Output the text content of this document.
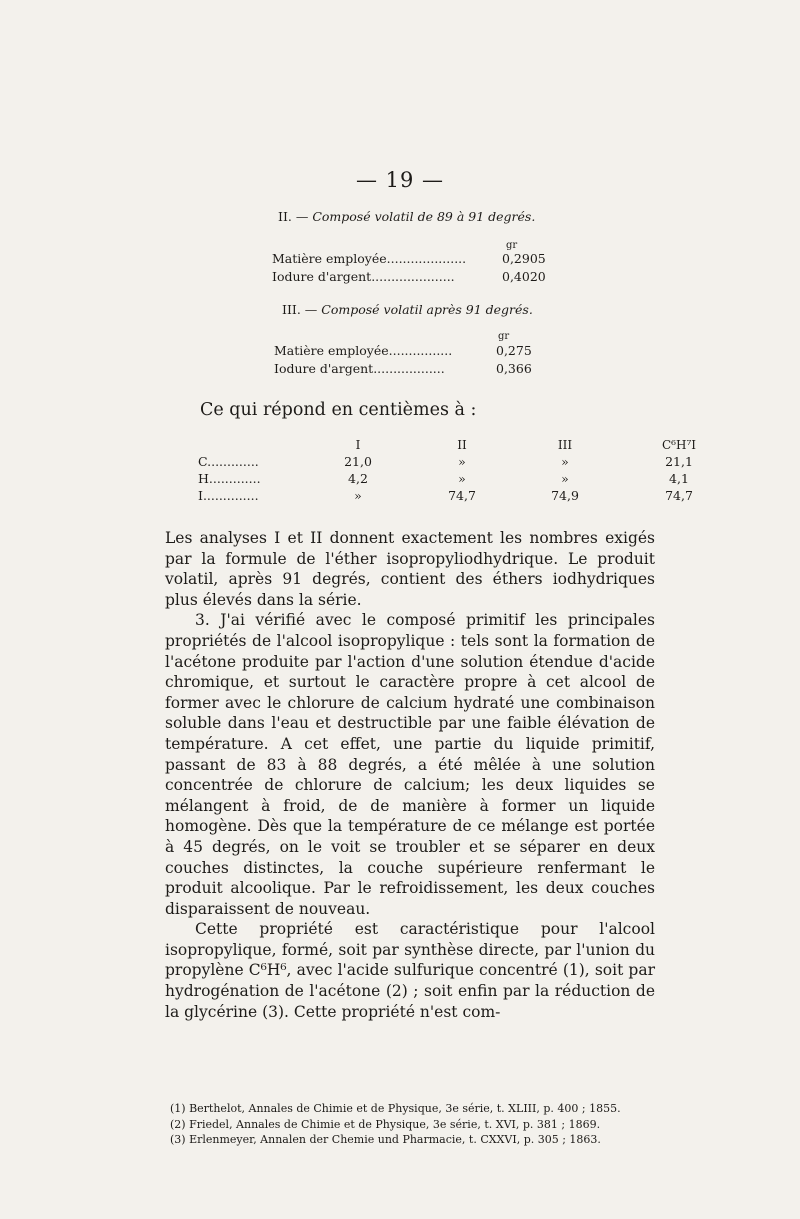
— 19 —
II. — Composé volatil de 89 à 91 degrés.
gr
Matière employée....................	0,2905
Iodure d'argent.....................	0,4020
III. — Composé volatil après 91 degrés.
gr
Matière employée................	0,275
Iodure d'argent..................	0,366
Ce qui répond en centièmes à :
	I	II	III	C⁶H⁷I
C.............	21,0	»	»	21,1
H.............	4,2	»	»	4,1
I..............	»	74,7	74,9	74,7

Les analyses I et II donnent exactement les nombres exigés par la formule de l'éther isopropyliodhydrique. Le produit volatil, après 91 degrés, contient des éthers iodhydriques plus élevés dans la série.

3. J'ai vérifié avec le composé primitif les principales propriétés de l'alcool isopropylique : tels sont la formation de l'acétone produite par l'action d'une solution étendue d'acide chromique, et surtout le caractère propre à cet alcool de former avec le chlorure de calcium hydraté une combinaison soluble dans l'eau et destructible par une faible élévation de température. A cet effet, une partie du liquide primitif, passant de 83 à 88 degrés, a été mêlée à une solution concentrée de chlorure de calcium; les deux liquides se mélangent à froid, de de manière à former un liquide homogène. Dès que la température de ce mélange est portée à 45 degrés, on le voit se troubler et se séparer en deux couches distinctes, la couche supérieure renfermant le produit alcoolique. Par le refroidissement, les deux couches disparaissent de nouveau.

Cette propriété est caractéristique pour l'alcool isopropylique, formé, soit par synthèse directe, par l'union du propylène C⁶H⁶, avec l'acide sulfurique concentré (1), soit par hydrogénation de l'acétone (2) ; soit enfin par la réduction de la glycérine (3). Cette propriété n'est com-

(1) Berthelot, Annales de Chimie et de Physique, 3e série, t. XLIII, p. 400 ; 1855.
(2) Friedel, Annales de Chimie et de Physique, 3e série, t. XVI, p. 381 ; 1869.
(3) Erlenmeyer, Annalen der Chemie und Pharmacie, t. CXXVI, p. 305 ; 1863.
